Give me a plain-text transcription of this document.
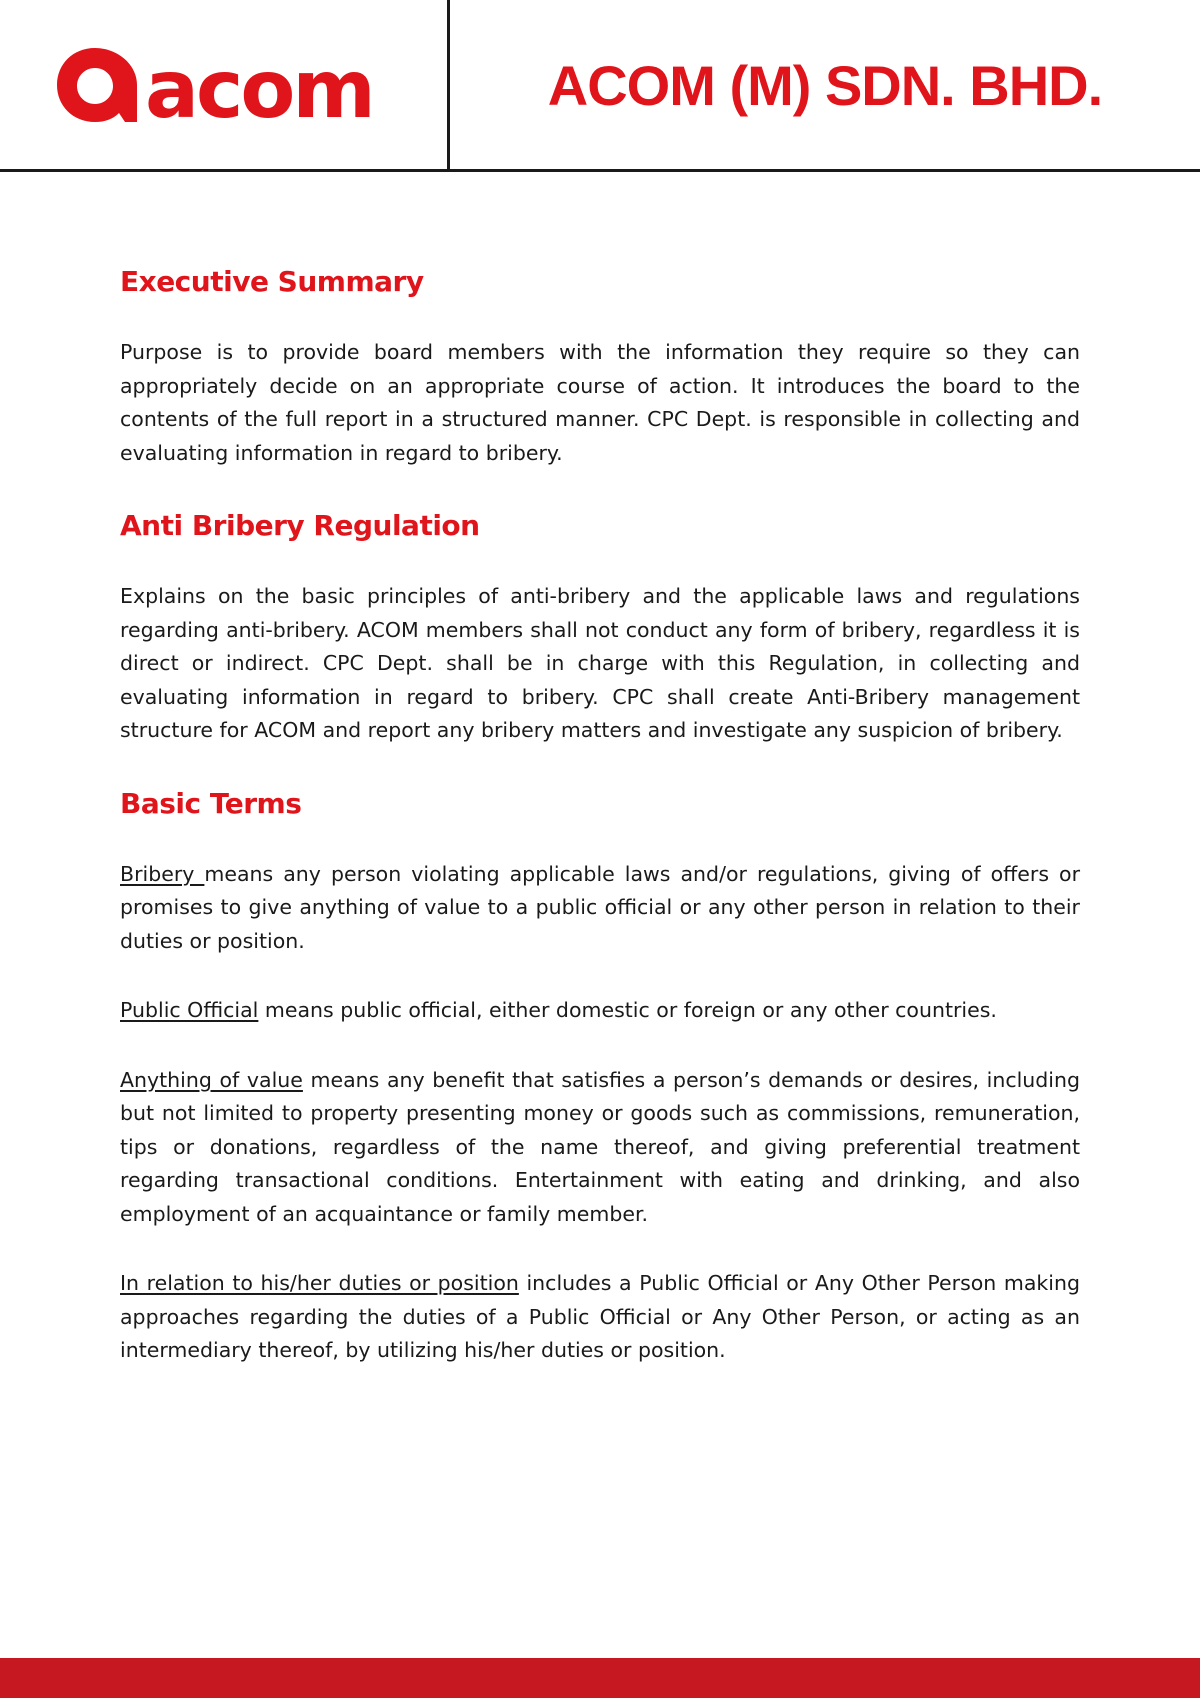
acom	ACOM (M) SDN. BHD.
Executive Summary

Purpose is to provide board members with the information they require so they can appropriately decide on an appropriate course of action. It introduces the board to the contents of the full report in a structured manner. CPC Dept. is responsible in collecting and evaluating information in regard to bribery.

Anti Bribery Regulation

Explains on the basic principles of anti-bribery and the applicable laws and regulations regarding anti-bribery. ACOM members shall not conduct any form of bribery, regardless it is direct or indirect. CPC Dept. shall be in charge with this Regulation, in collecting and evaluating information in regard to bribery. CPC shall create Anti-Bribery management structure for ACOM and report any bribery matters and investigate any suspicion of bribery.

Basic Terms

Bribery means any person violating applicable laws and/or regulations, giving of offers or promises to give anything of value to a public official or any other person in relation to their duties or position.

Public Official means public official, either domestic or foreign or any other countries.

Anything of value means any benefit that satisfies a person’s demands or desires, including but not limited to property presenting money or goods such as commissions, remuneration, tips or donations, regardless of the name thereof, and giving preferential treatment regarding transactional conditions. Entertainment with eating and drinking, and also employment of an acquaintance or family member.

In relation to his/her duties or position includes a Public Official or Any Other Person making approaches regarding the duties of a Public Official or Any Other Person, or acting as an intermediary thereof, by utilizing his/her duties or position.
